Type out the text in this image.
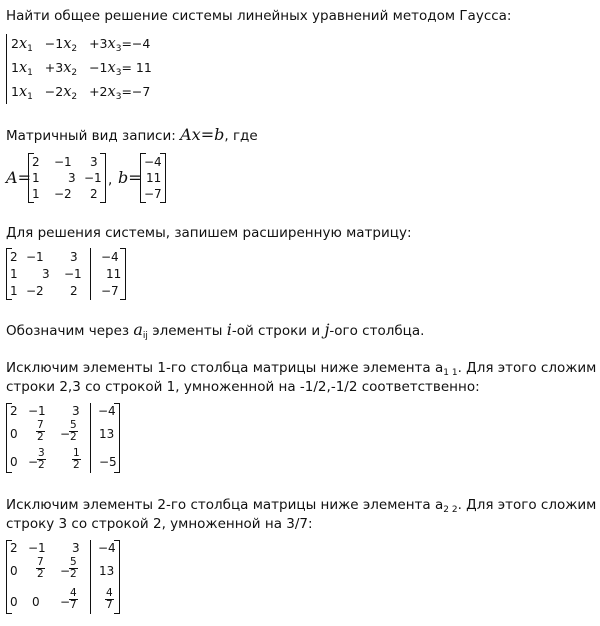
Найти общее решение системы линейных уравнений методом Гаусса:
$2x_1 -1x_2 +3x_3=-4$
$1x_1 +3x_2 -1x_3= 11$
$1x_1 -2x_2 +2x_3=-7$
Матричный вид записи: Ax=b, где
A=
2 −1 3
1 3 −1
1 −2 2
, b=
−4
11
−7
Для решения системы, запишем расширенную матрицу:
2 −1 3 −4
1 3 −1 11
1 −2 2 −7
Обозначим через $a_{ij}$ элементы i-ой строки и j-ого столбца.
Исключим элементы 1-го столбца матрицы ниже элемента $a_{1 1}$. Для этого сложим
строки 2,3 со строкой 1, умноженной на -1/2,-1/2 соответственно:
2 −1 3 −4
$0 \frac{7}{2}$ −
$\frac{5}{2} 13$
0 −
$\frac{3}{2}$	$\frac{1}{2} -5$
Исключим элементы 2-го столбца матрицы ниже элемента $a_{2 2}$. Для этого сложим
строку 3 со строкой 2, умноженной на 3/7:
2 −1 3 −4
$0 \frac{7}{2}$ −
$\frac{5}{2} 13$
0 0 −
$\frac{4}{7}$	$\frac{4}{7}$
